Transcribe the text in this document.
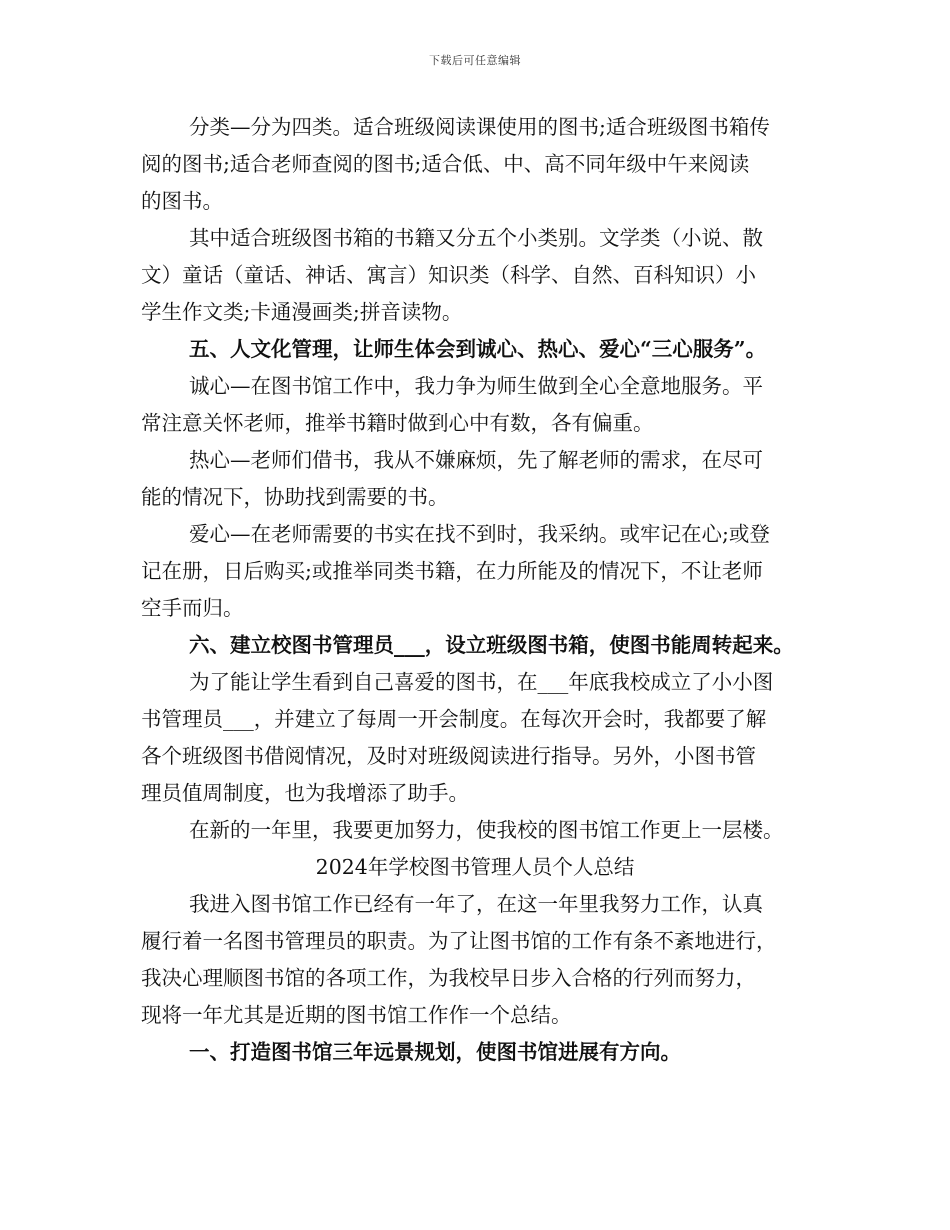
下载后可任意编辑
分类—分为四类。适合班级阅读课使用的图书;适合班级图书箱传
阅的图书;适合老师查阅的图书;适合低、中、高不同年级中午来阅读
的图书。
其中适合班级图书箱的书籍又分五个小类别。文学类（小说、散
文）童话（童话、神话、寓言）知识类（科学、自然、百科知识）小
学生作文类;卡通漫画类;拼音读物。
五、人文化管理，让师生体会到诚心、热心、爱心“三心服务”。
诚心—在图书馆工作中，我力争为师生做到全心全意地服务。平
常注意关怀老师，推举书籍时做到心中有数，各有偏重。
热心—老师们借书，我从不嫌麻烦，先了解老师的需求，在尽可
能的情况下，协助找到需要的书。
爱心—在老师需要的书实在找不到时，我采纳。或牢记在心;或登
记在册，日后购买;或推举同类书籍，在力所能及的情况下，不让老师
空手而归。
六、建立校图书管理员___，设立班级图书箱，使图书能周转起来。
为了能让学生看到自己喜爱的图书，在___年底我校成立了小小图
书管理员___，并建立了每周一开会制度。在每次开会时，我都要了解
各个班级图书借阅情况，及时对班级阅读进行指导。另外，小图书管
理员值周制度，也为我增添了助手。
在新的一年里，我要更加努力，使我校的图书馆工作更上一层楼。
2024年学校图书管理人员个人总结
我进入图书馆工作已经有一年了，在这一年里我努力工作，认真
履行着一名图书管理员的职责。为了让图书馆的工作有条不紊地进行，
我决心理顺图书馆的各项工作，为我校早日步入合格的行列而努力，
现将一年尤其是近期的图书馆工作作一个总结。
一、打造图书馆三年远景规划，使图书馆进展有方向。
